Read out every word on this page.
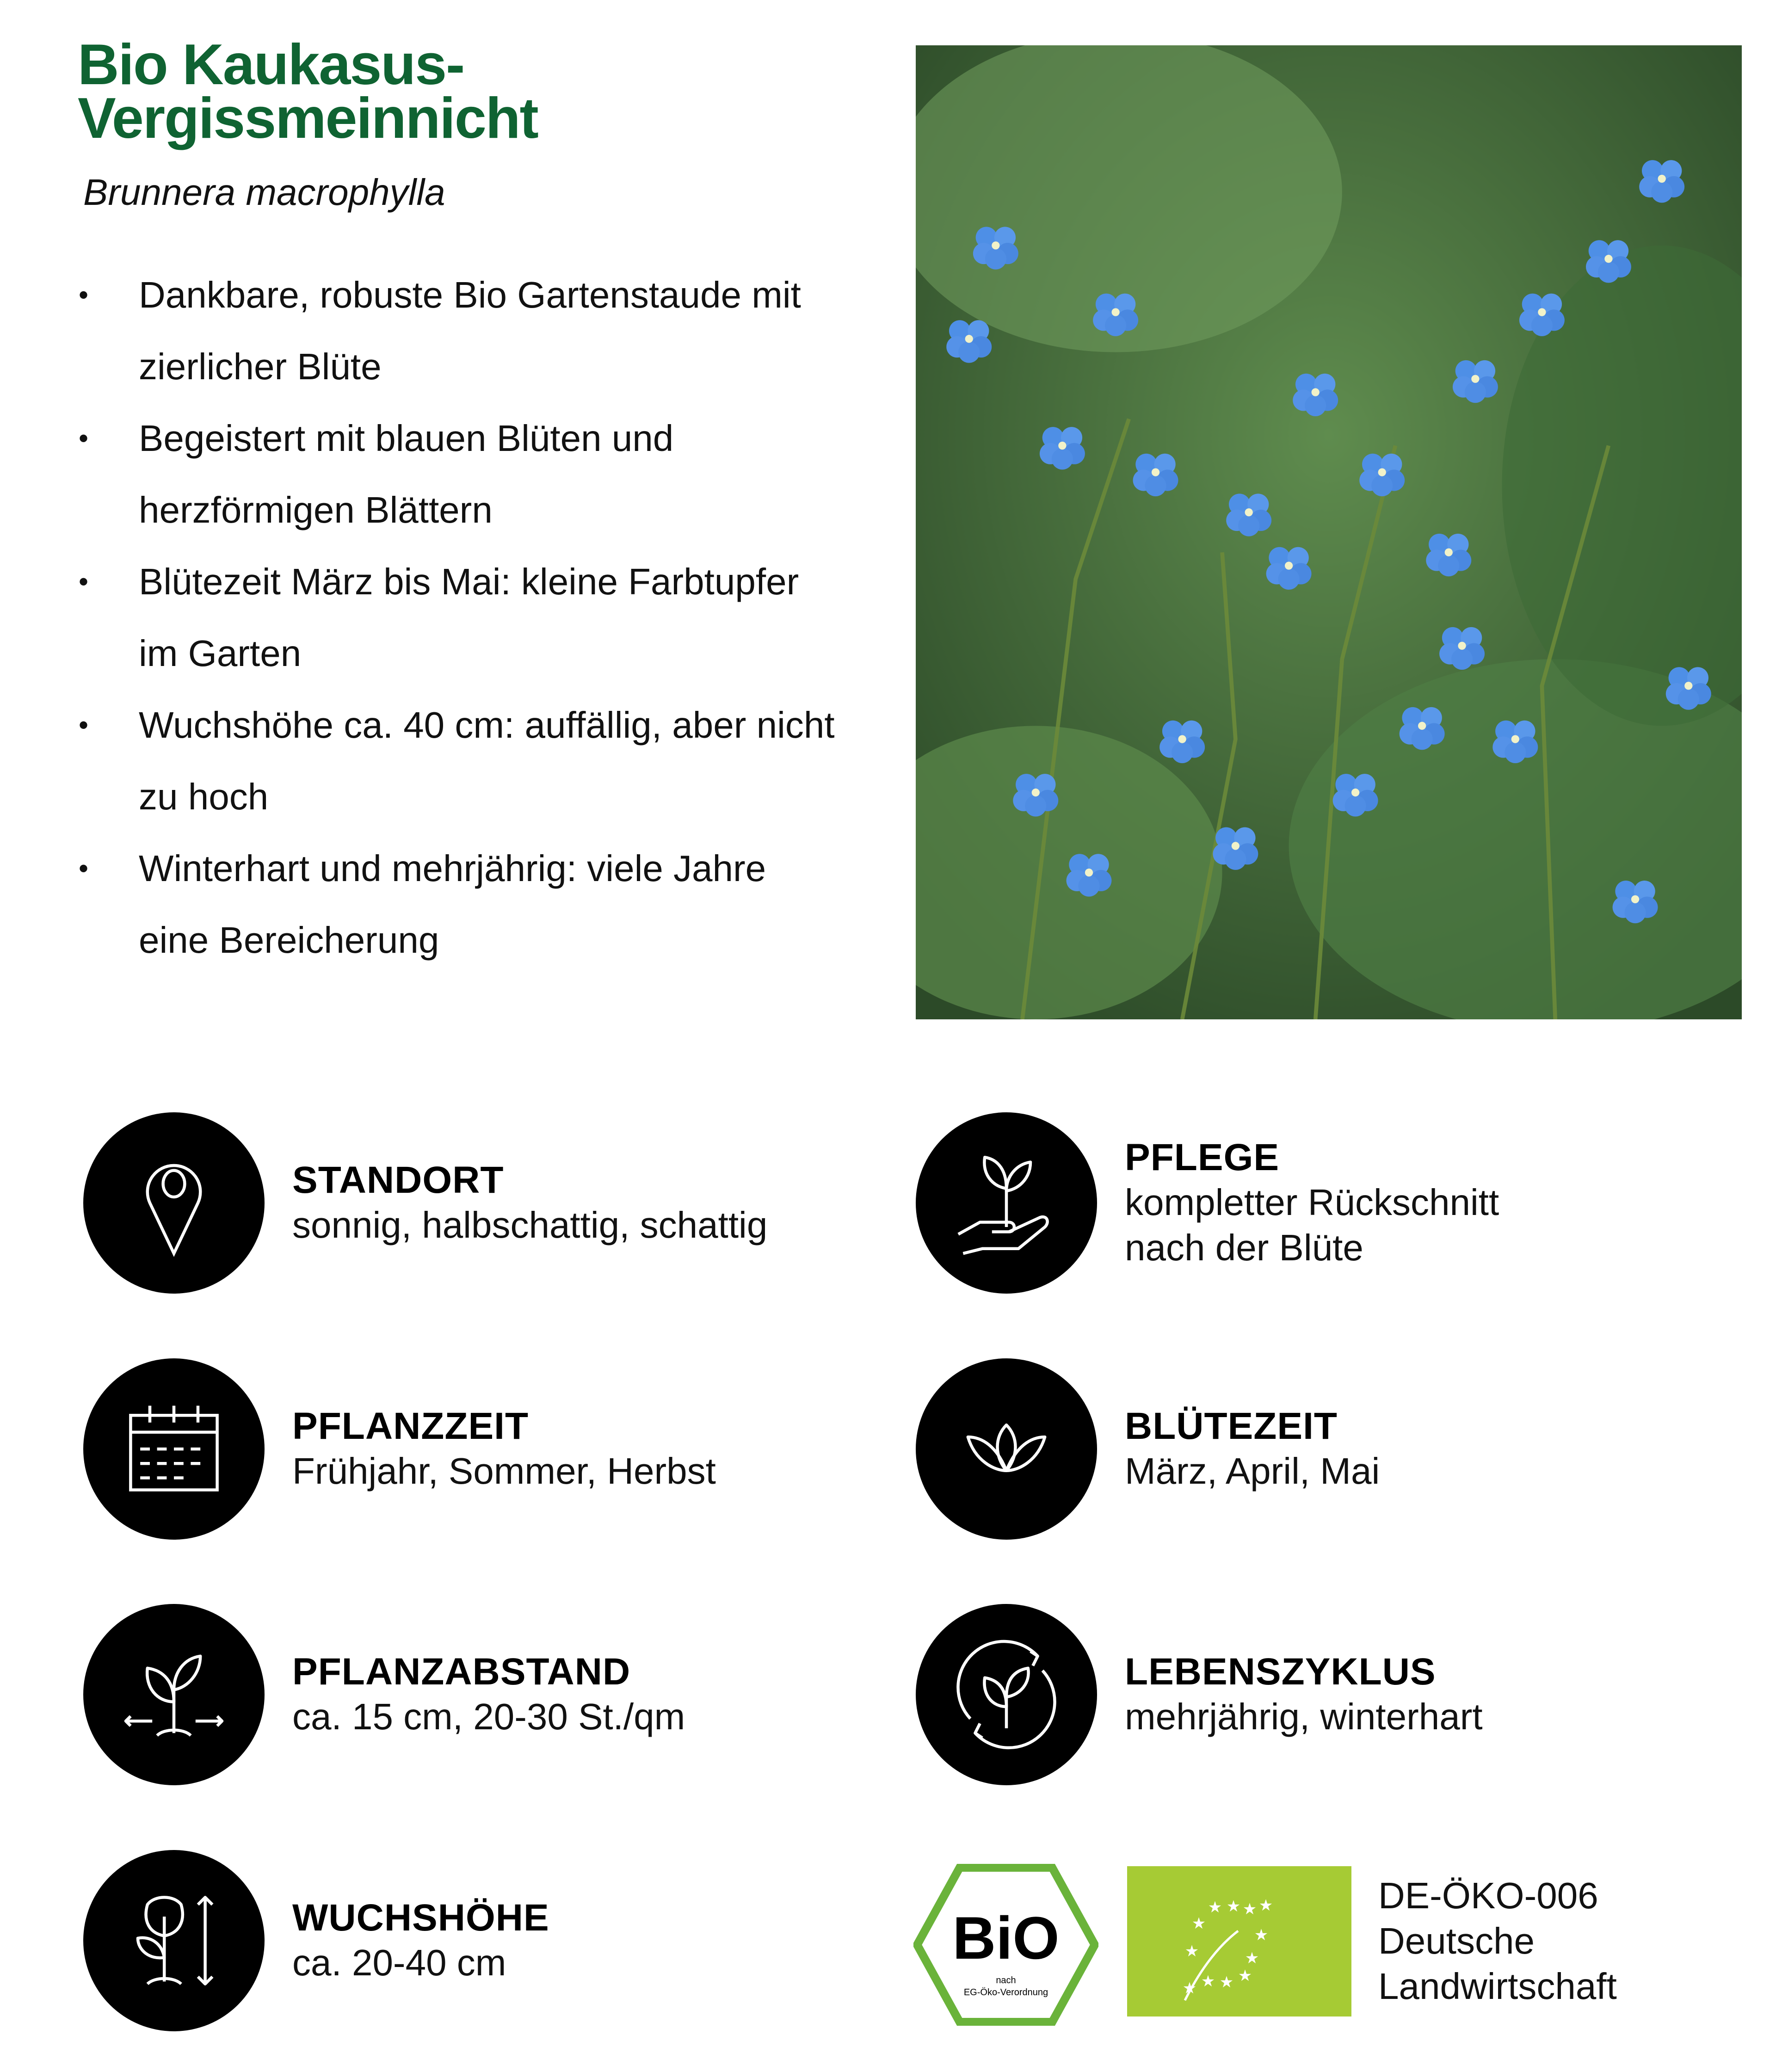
Bio Kaukasus-
Vergissmeinnicht
Brunnera macrophylla
• Dankbare, robuste Bio Gartenstaude mit
zierlicher Blüte
• Begeistert mit blauen Blüten und
herzförmigen Blättern
• Blütezeit März bis Mai: kleine Farbtupfer
im Garten
• Wuchshöhe ca. 40 cm: auffällig, aber nicht
zu hoch
• Winterhart und mehrjährig: viele Jahre
eine Bereicherung
STANDORT
sonnig, halbschattig, schattig
PFLEGE
kompletter Rückschnitt
nach der Blüte
PFLANZZEIT
Frühjahr, Sommer, Herbst
BLÜTEZEIT
März, April, Mai
PFLANZABSTAND
ca. 15 cm, 20-30 St./qm
LEBENSZYKLUS
mehrjährig, winterhart
WUCHSHÖHE
ca. 20-40 cm	BiO
nach
EG-Öko-Verordnung
★ ★ ★ ★
★
★
★	★
★
★
★
★
DE-ÖKO-006
Deutsche
Landwirtschaft
